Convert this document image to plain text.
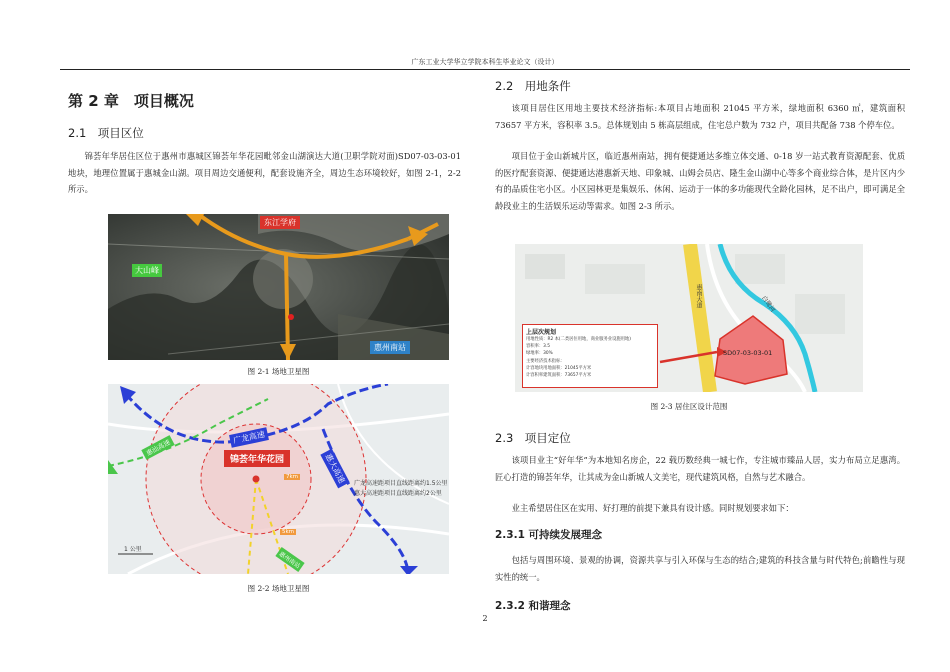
广东工业大学华立学院本科生毕业论文（设计）
第 2 章　项目概况
2.1　项目区位

锦荟年华居住区位于惠州市惠城区锦荟年华花园毗邻金山湖演达大道(卫职学院对面)SD07-03-03-01 地块，地理位置属于惠城金山湖。项目周边交通便利，配套设施齐全，周边生态环境较好，如图 2-1，2-2 所示。

东江学府
大山峰
惠州南站
图 2-1 场地卫星图
广龙高速
惠大高速
锦荟年华花园
惠汕高速
广龙高速距项目直线距离约1.5公里
惠大高速距项目直线距离约2公里
1 公里
7km
5km
惠州南站
图 2-2 场地卫星图
2.2　用地条件

该项目居住区用地主要技术经济指标:本项目占地面积 21045 平方米，绿地面积 6360 ㎡，建筑面积 73657 平方米，容积率 3.5。总体规划由 5 栋高层组成，住宅总户数为 732 户，项目共配备 738 个停车位。

项目位于金山新城片区，临近惠州南站，拥有便捷通达多维立体交通、0-18 岁一站式教育资源配套、优质的医疗配套资源、便捷通达港惠新天地、印象城、山姆会员店、隆生金山湖中心等多个商业综合体，是片区内少有的品质住宅小区。小区园林更是集娱乐、休闲、运动于一体的多功能现代全龄化园林，足不出户，即可满足全龄段业主的生活娱乐运动等需求。如图 2-3 所示。

惠南大道	白鹭河
SD07-03-03-01
上层次规划
用地性质：R2 本(二类居住用地，商业服务业设施用地)
容积率：3.5
绿地率：30%
主要经济技术指标：
计容地块用地面积：21045平方米
计容积率建筑面积：73657平方米
图 2-3 居住区设计范围
2.3　项目定位

该项目业主“好年华”为本地知名房企，22 载历数经典一城七作，专注城市臻品人居，实力布局立足惠湾。匠心打造的锦荟年华，让其成为金山新城人文美宅，现代建筑风格，自然与艺术融合。

业主希望居住区在实用、好打理的前提下兼具有设计感。同时规划要求如下：

2.3.1 可持续发展理念

包括与周围环境、景观的协调，资源共享与引入环保与生态的结合;建筑的科技含量与时代特色;前瞻性与现实性的统一。

2.3.2 和谐理念
2
